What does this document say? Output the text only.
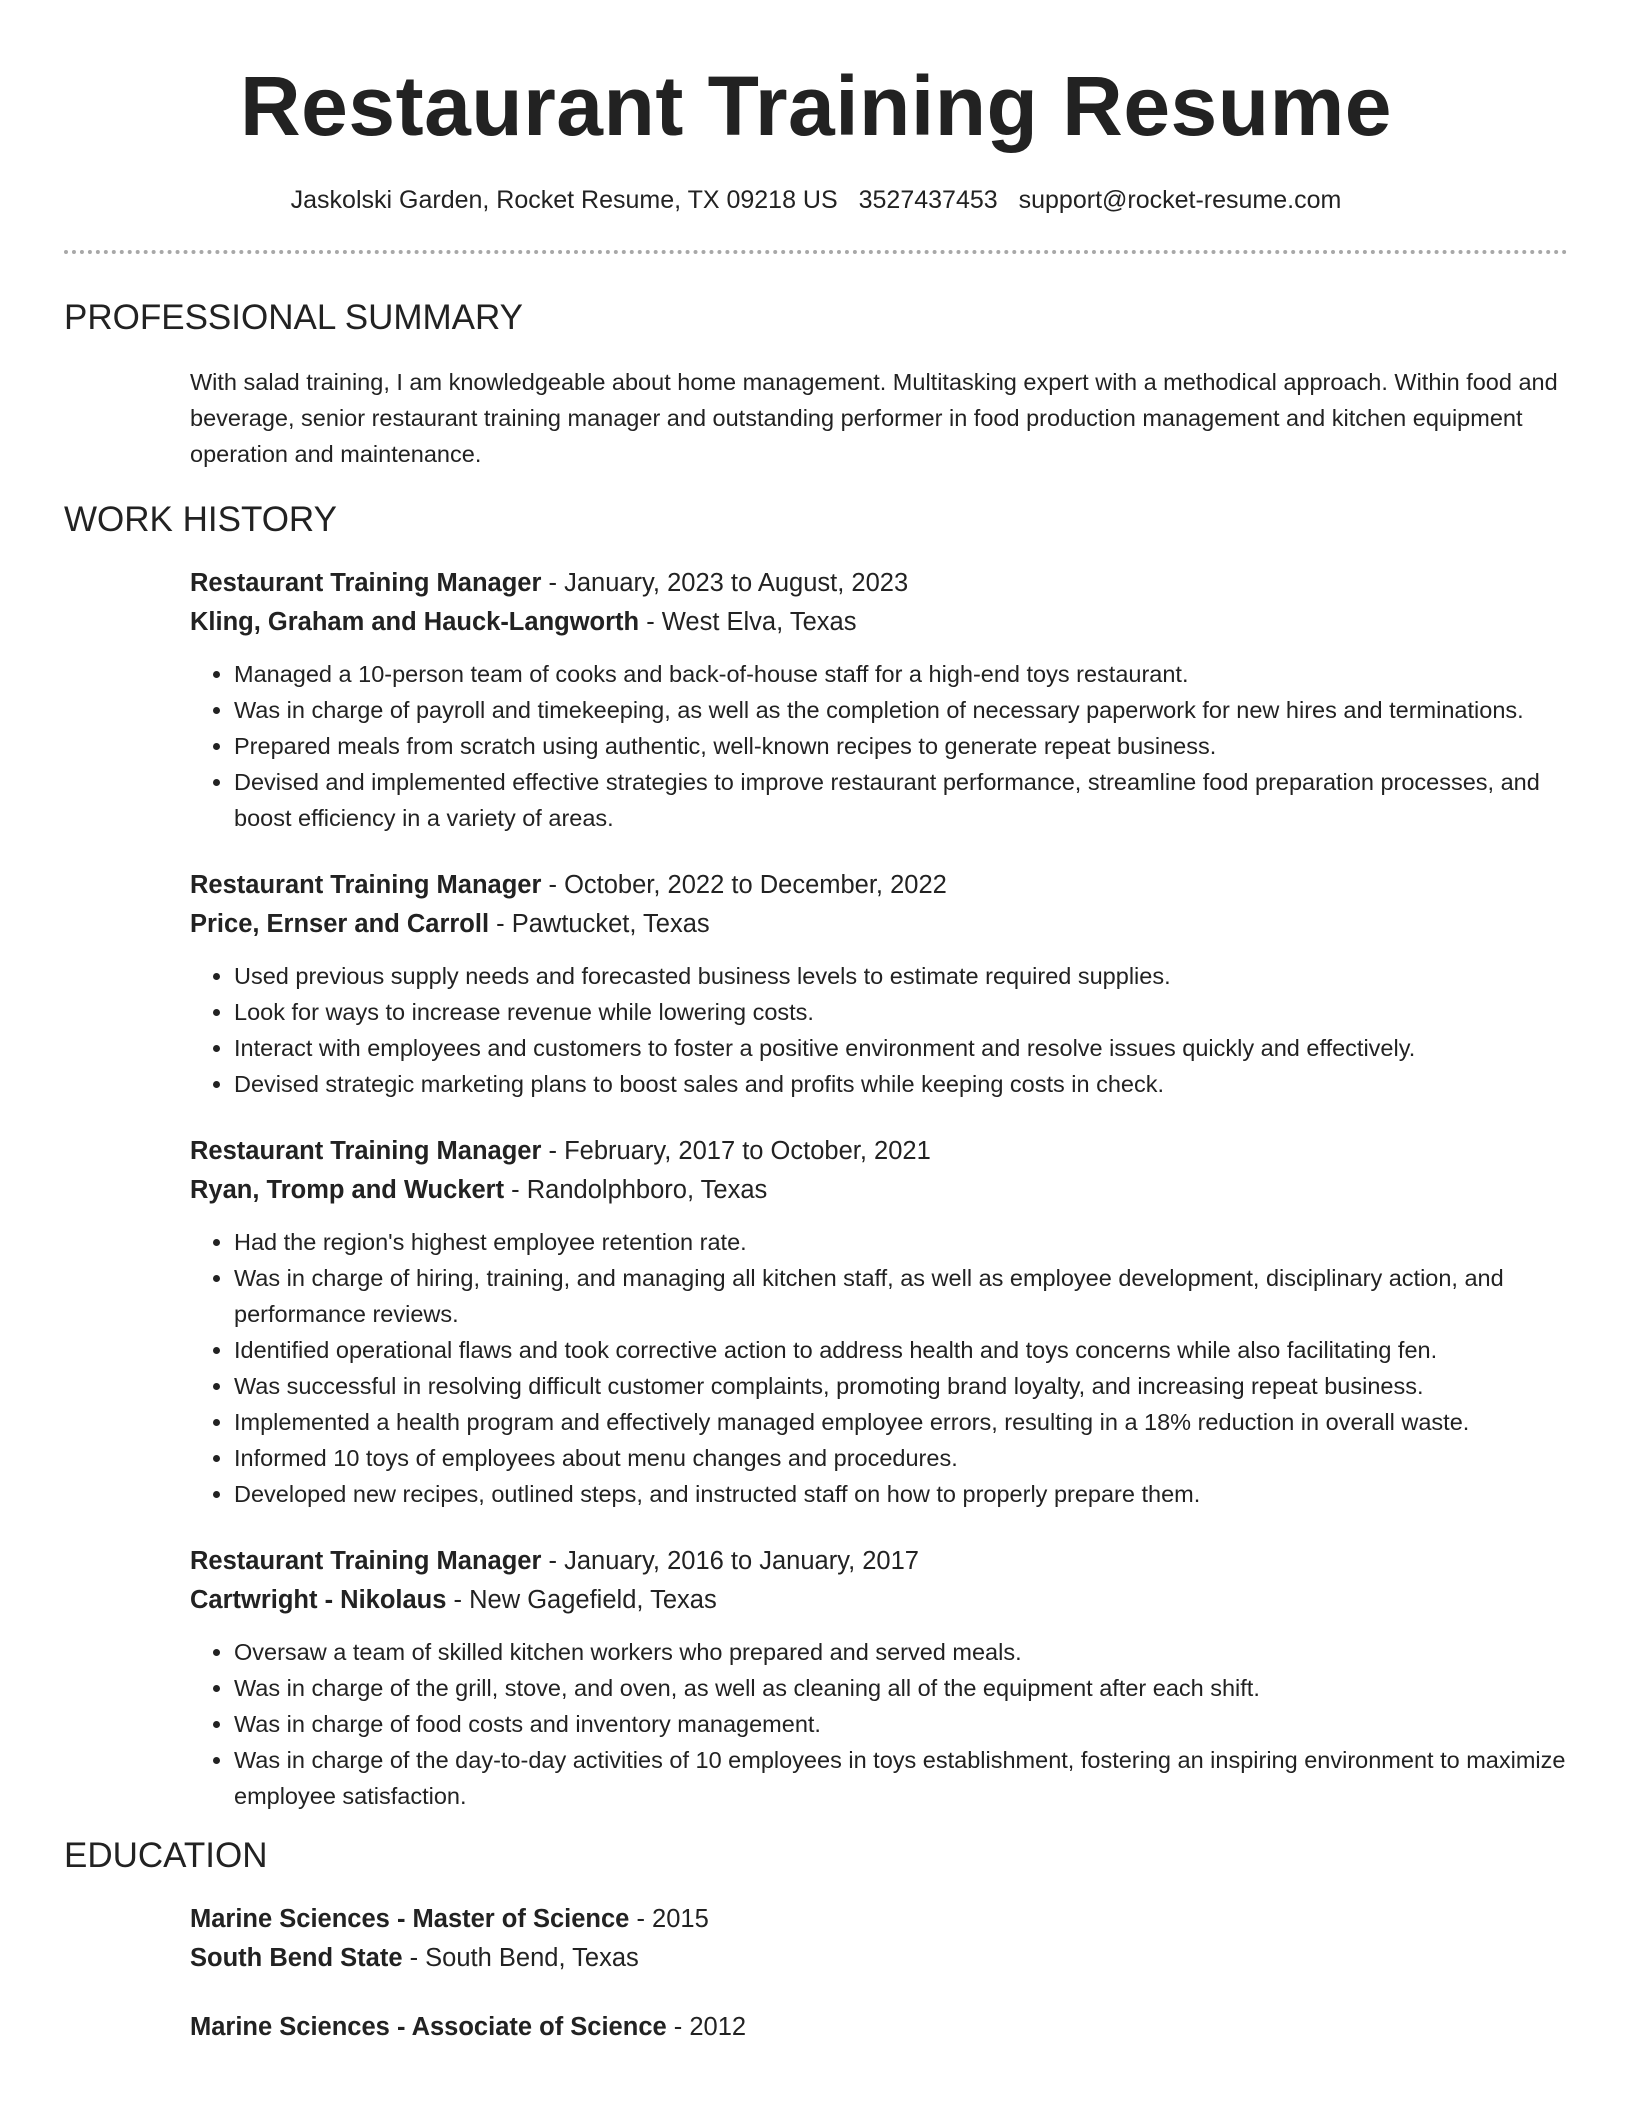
Restaurant Training Resume
Jaskolski Garden, Rocket Resume, TX 09218 US 3527437453 support@rocket-resume.com
PROFESSIONAL SUMMARY

With salad training, I am knowledgeable about home management. Multitasking expert with a methodical approach. Within food and beverage, senior restaurant training manager and outstanding performer in food production management and kitchen equipment operation and maintenance.

WORK HISTORY
Restaurant Training Manager - January, 2023 to August, 2023
Kling, Graham and Hauck-Langworth - West Elva, Texas
• Managed a 10-person team of cooks and back-of-house staff for a high-end toys restaurant.
• Was in charge of payroll and timekeeping, as well as the completion of necessary paperwork for new hires and terminations.
• Prepared meals from scratch using authentic, well-known recipes to generate repeat business.
• Devised and implemented effective strategies to improve restaurant performance, streamline food preparation processes, and boost efficiency in a variety of areas.
Restaurant Training Manager - October, 2022 to December, 2022
Price, Ernser and Carroll - Pawtucket, Texas
• Used previous supply needs and forecasted business levels to estimate required supplies.
• Look for ways to increase revenue while lowering costs.
• Interact with employees and customers to foster a positive environment and resolve issues quickly and effectively.
• Devised strategic marketing plans to boost sales and profits while keeping costs in check.
Restaurant Training Manager - February, 2017 to October, 2021
Ryan, Tromp and Wuckert - Randolphboro, Texas
• Had the region's highest employee retention rate.
• Was in charge of hiring, training, and managing all kitchen staff, as well as employee development, disciplinary action, and performance reviews.
• Identified operational flaws and took corrective action to address health and toys concerns while also facilitating fen.
• Was successful in resolving difficult customer complaints, promoting brand loyalty, and increasing repeat business.
• Implemented a health program and effectively managed employee errors, resulting in a 18% reduction in overall waste.
• Informed 10 toys of employees about menu changes and procedures.
• Developed new recipes, outlined steps, and instructed staff on how to properly prepare them.
Restaurant Training Manager - January, 2016 to January, 2017
Cartwright - Nikolaus - New Gagefield, Texas
• Oversaw a team of skilled kitchen workers who prepared and served meals.
• Was in charge of the grill, stove, and oven, as well as cleaning all of the equipment after each shift.
• Was in charge of food costs and inventory management.
• Was in charge of the day-to-day activities of 10 employees in toys establishment, fostering an inspiring environment to maximize employee satisfaction.
EDUCATION
Marine Sciences - Master of Science - 2015
South Bend State - South Bend, Texas
Marine Sciences - Associate of Science - 2012
